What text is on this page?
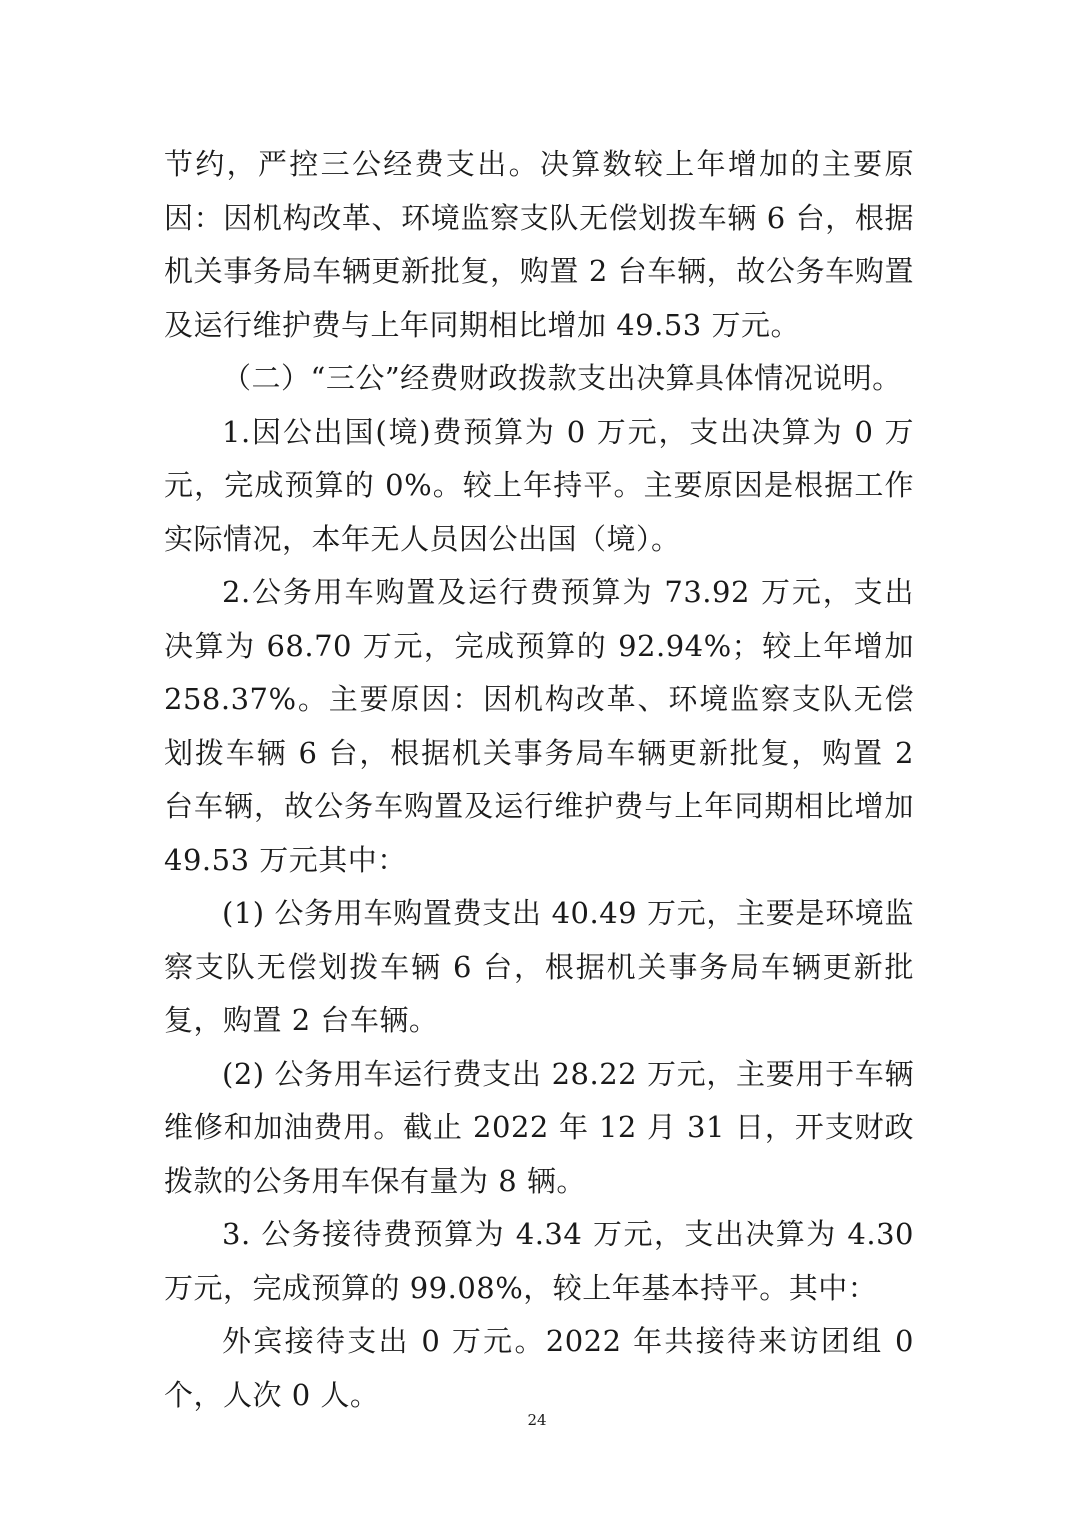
节约，严控三公经费支出。决算数较上年增加的主要原因：因机构改革、环境监察支队无偿划拨车辆 6 台，根据机关事务局车辆更新批复，购置 2 台车辆，故公务车购置及运行维护费与上年同期相比增加 49.53 万元。

（二）“三公”经费财政拨款支出决算具体情况说明。

1.因公出国(境)费预算为 0 万元，支出决算为 0 万元，完成预算的 0%。较上年持平。主要原因是根据工作实际情况，本年无人员因公出国（境）。

2.公务用车购置及运行费预算为 73.92 万元，支出决算为 68.70 万元，完成预算的 92.94%；较上年增加 258.37%。主要原因：因机构改革、环境监察支队无偿划拨车辆 6 台，根据机关事务局车辆更新批复，购置 2 台车辆，故公务车购置及运行维护费与上年同期相比增加 49.53 万元其中：

(1) 公务用车购置费支出 40.49 万元，主要是环境监察支队无偿划拨车辆 6 台，根据机关事务局车辆更新批复，购置 2 台车辆。

(2) 公务用车运行费支出 28.22 万元，主要用于车辆维修和加油费用。截止 2022 年 12 月 31 日，开支财政拨款的公务用车保有量为 8 辆。

3. 公务接待费预算为 4.34 万元，支出决算为 4.30 万元，完成预算的 99.08%，较上年基本持平。其中：

外宾接待支出 0 万元。2022 年共接待来访团组 0 个，人次 0 人。

24
